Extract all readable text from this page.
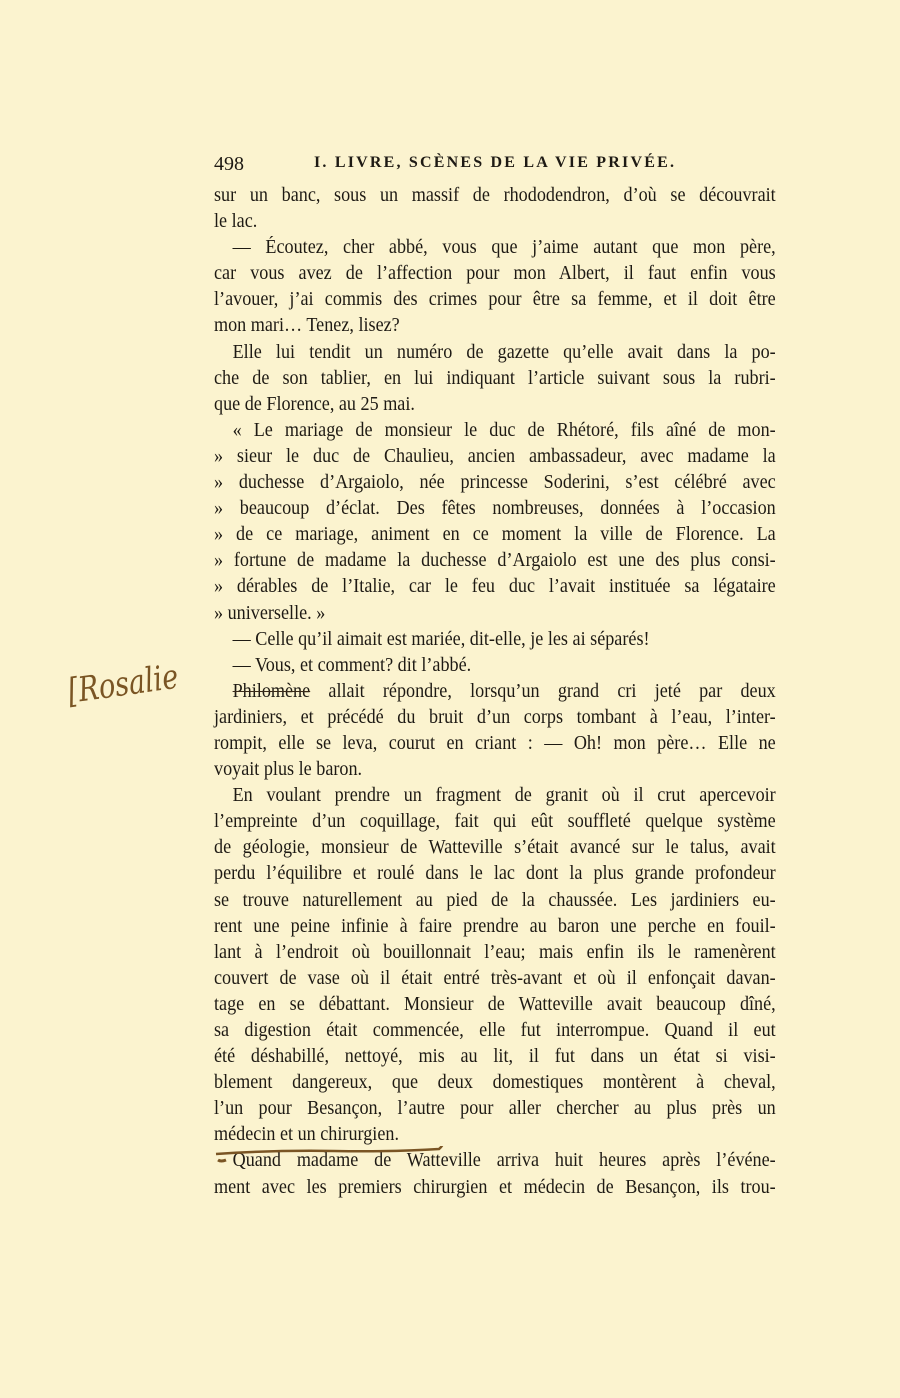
498	I. LIVRE, SCÈNES DE LA VIE PRIVÉE.
[Rosalie
sur un banc, sous un massif de rhododendron, d’où se découvrait
le lac.
— Écoutez, cher abbé, vous que j’aime autant que mon père,
car vous avez de l’affection pour mon Albert, il faut enfin vous
l’avouer, j’ai commis des crimes pour être sa femme, et il doit être
mon mari… Tenez, lisez?
Elle lui tendit un numéro de gazette qu’elle avait dans la po-
che de son tablier, en lui indiquant l’article suivant sous la rubri-
que de Florence, au 25 mai.
« Le mariage de monsieur le duc de Rhétoré, fils aîné de mon-
» sieur le duc de Chaulieu, ancien ambassadeur, avec madame la
» duchesse d’Argaiolo, née princesse Soderini, s’est célébré avec
» beaucoup d’éclat. Des fêtes nombreuses, données à l’occasion
» de ce mariage, animent en ce moment la ville de Florence. La
» fortune de madame la duchesse d’Argaiolo est une des plus consi-
» dérables de l’Italie, car le feu duc l’avait instituée sa légataire
» universelle. »
— Celle qu’il aimait est mariée, dit-elle, je les ai séparés!
— Vous, et comment? dit l’abbé.
Philomène allait répondre, lorsqu’un grand cri jeté par deux
jardiniers, et précédé du bruit d’un corps tombant à l’eau, l’inter-
rompit, elle se leva, courut en criant : — Oh! mon père… Elle ne
voyait plus le baron.
En voulant prendre un fragment de granit où il crut apercevoir
l’empreinte d’un coquillage, fait qui eût souffleté quelque système
de géologie, monsieur de Watteville s’était avancé sur le talus, avait
perdu l’équilibre et roulé dans le lac dont la plus grande profondeur
se trouve naturellement au pied de la chaussée. Les jardiniers eu-
rent une peine infinie à faire prendre au baron une perche en fouil-
lant à l’endroit où bouillonnait l’eau; mais enfin ils le ramenèrent
couvert de vase où il était entré très-avant et où il enfonçait davan-
tage en se débattant. Monsieur de Watteville avait beaucoup dîné,
sa digestion était commencée, elle fut interrompue. Quand il eut
été déshabillé, nettoyé, mis au lit, il fut dans un état si visi-
blement dangereux, que deux domestiques montèrent à cheval,
l’un pour Besançon, l’autre pour aller chercher au plus près un
médecin et un chirurgien.
Quand madame de Watteville arriva huit heures après l’événe-
ment avec les premiers chirurgien et médecin de Besançon, ils trou-
